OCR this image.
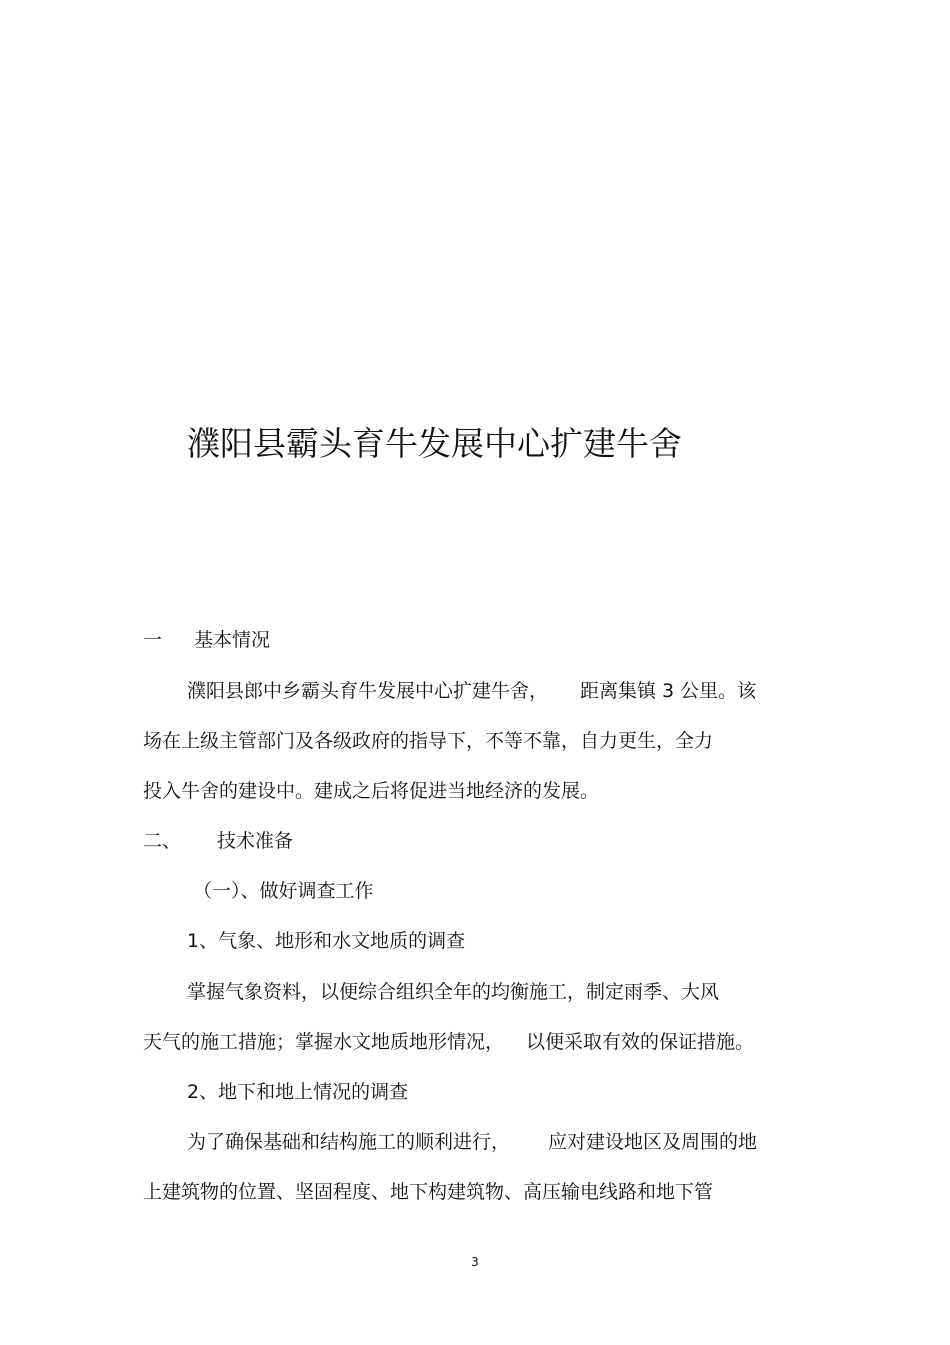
濮阳县霸头育牛发展中心扩建牛舍
一 基本情况
濮阳县郎中乡霸头育牛发展中心扩建牛舍， 距离集镇 3 公里。该
场在上级主管部门及各级政府的指导下，不等不靠，自力更生，全力
投入牛舍的建设中。建成之后将促进当地经济的发展。
二、 技术准备
（一）、做好调查工作
1、气象、地形和水文地质的调查
掌握气象资料，以便综合组织全年的均衡施工，制定雨季、大风
天气的施工措施；掌握水文地质地形情况， 以便采取有效的保证措施。
2、地下和地上情况的调查
为了确保基础和结构施工的顺利进行， 应对建设地区及周围的地
上建筑物的位置、坚固程度、地下构建筑物、高压输电线路和地下管
3
